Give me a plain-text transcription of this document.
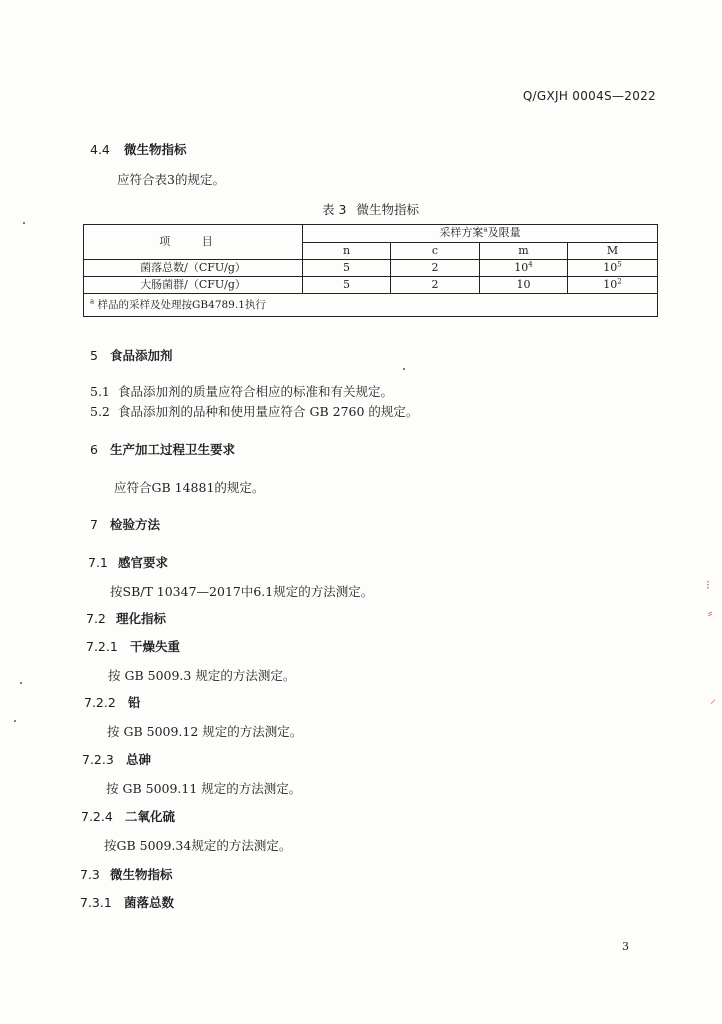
Q/GXJH 0004S—2022
4.4 微生物指标
应符合表3的规定。
表 3 微生物指标
项 目	采样方案$^a$及限量			
	n	c	m	M
菌落总数/（CFU/g）	5	2	$10^4$	$10^5$
大肠菌群/（CFU/g）	5	2	10	$10^2$
$^a$ 样品的采样及处理按GB4789.1执行				
5 食品添加剂
5.1 食品添加剂的质量应符合相应的标准和有关规定。
5.2 食品添加剂的品种和使用量应符合 GB 2760 的规定。
6 生产加工过程卫生要求
应符合GB 14881的规定。
7 检验方法
7.1 感官要求
按SB/T 10347—2017中6.1规定的方法测定。
7.2 理化指标
7.2.1 干燥失重
按 GB 5009.3 规定的方法测定。
7.2.2 铅
按 GB 5009.12 规定的方法测定。
7.2.3 总砷
按 GB 5009.11 规定的方法测定。
7.2.4 二氧化硫
按GB 5009.34规定的方法测定。
7.3 微生物指标
7.3.1 菌落总数
3
⁝
⸗
⸝
